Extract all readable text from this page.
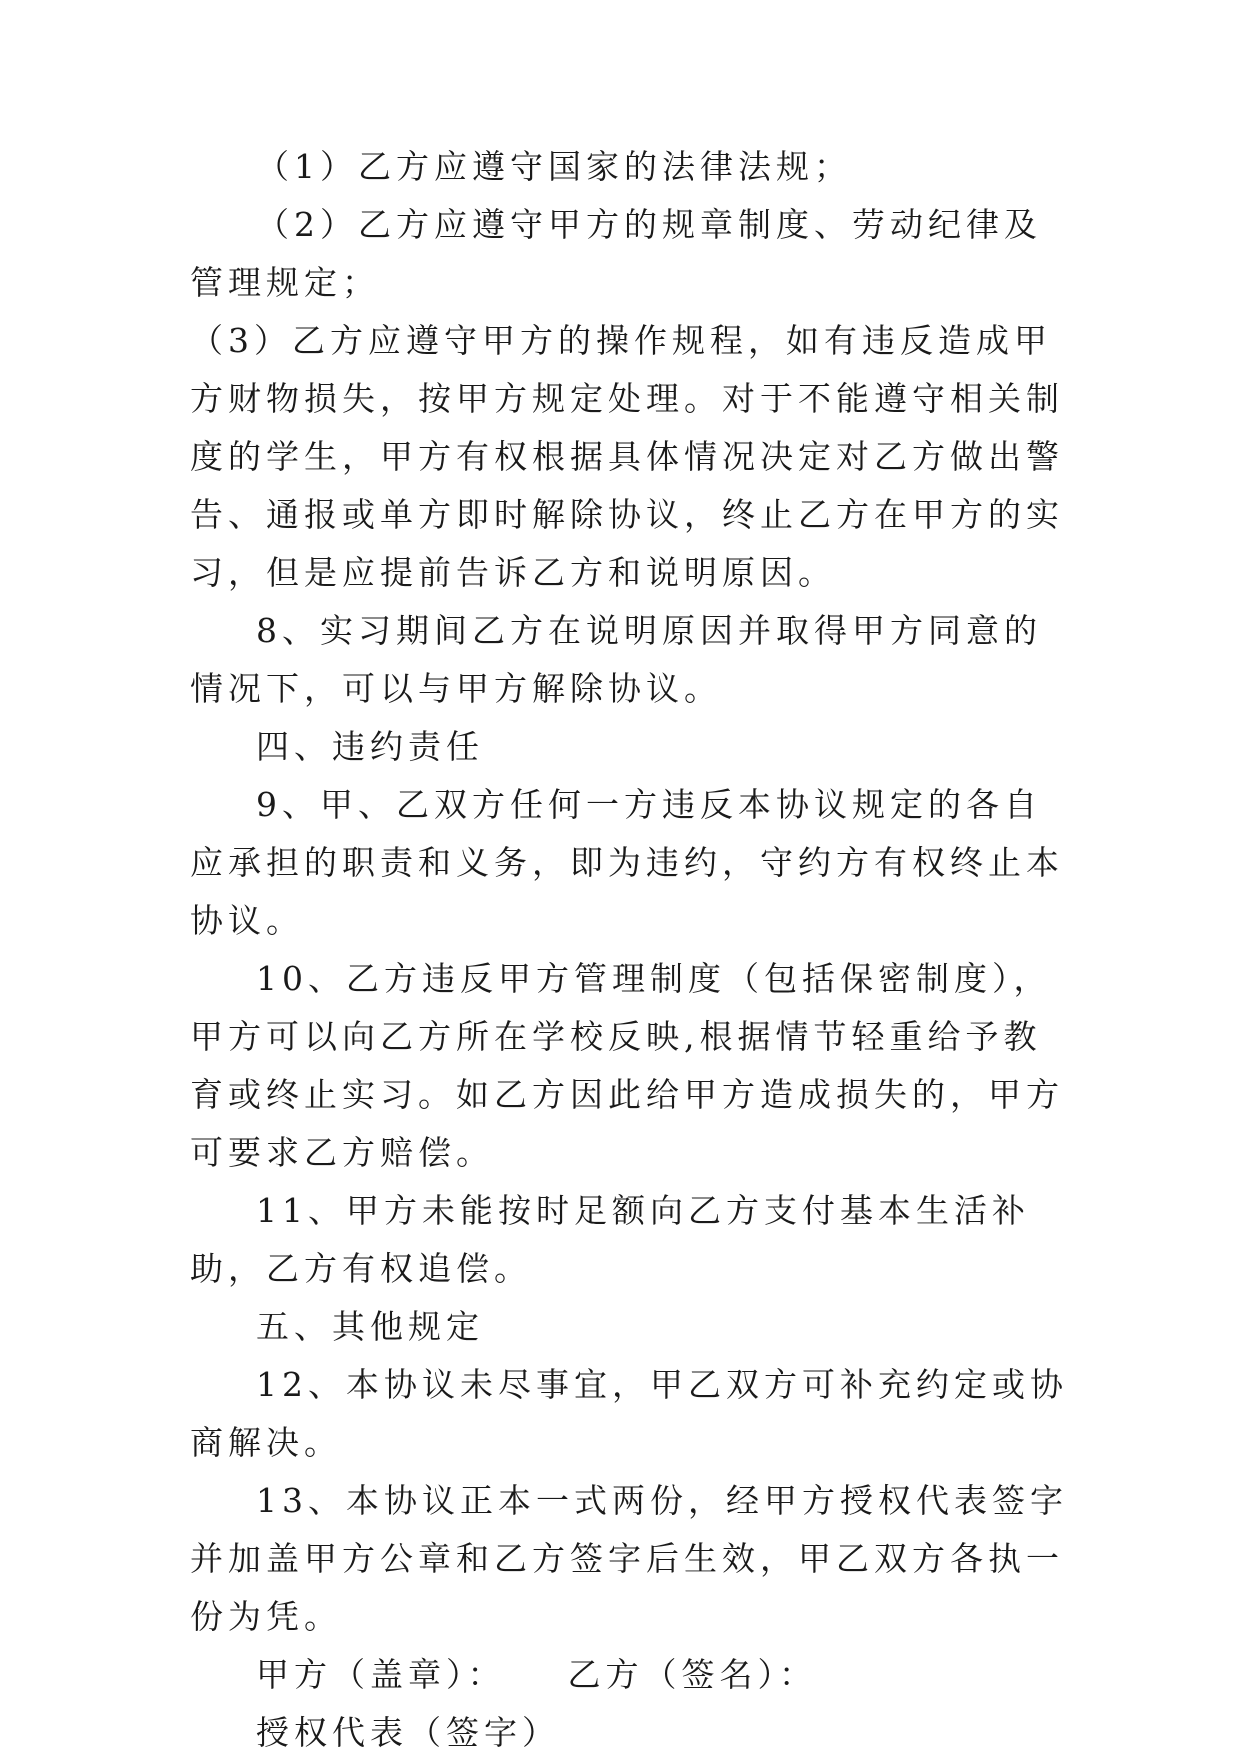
（1）乙方应遵守国家的法律法规；

（2）乙方应遵守甲方的规章制度、劳动纪律及管理规定；

（3）乙方应遵守甲方的操作规程，如有违反造成甲方财物损失，按甲方规定处理。对于不能遵守相关制度的学生，甲方有权根据具体情况决定对乙方做出警告、通报或单方即时解除协议，终止乙方在甲方的实习，但是应提前告诉乙方和说明原因。

8、实习期间乙方在说明原因并取得甲方同意的情况下，可以与甲方解除协议。

四、违约责任

9、甲、乙双方任何一方违反本协议规定的各自应承担的职责和义务，即为违约，守约方有权终止本协议。

10、乙方违反甲方管理制度（包括保密制度），甲方可以向乙方所在学校反映,根据情节轻重给予教育或终止实习。如乙方因此给甲方造成损失的，甲方可要求乙方赔偿。

11、甲方未能按时足额向乙方支付基本生活补助，乙方有权追偿。

五、其他规定

12、本协议未尽事宜，甲乙双方可补充约定或协商解决。

13、本协议正本一式两份，经甲方授权代表签字并加盖甲方公章和乙方签字后生效，甲乙双方各执一份为凭。

甲方（盖章）： 乙方（签名）：

授权代表（签字）
